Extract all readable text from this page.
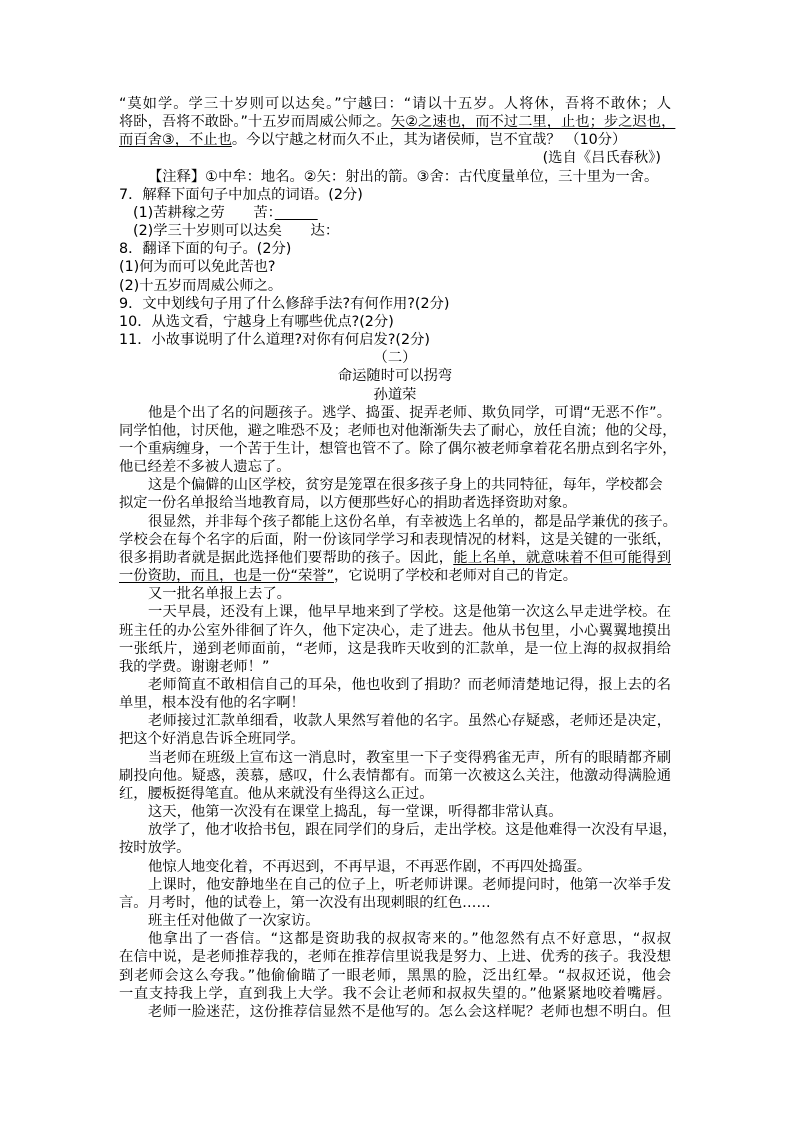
“莫如学。学三十岁则可以达矣。”宁越曰：“请以十五岁。人将休，吾将不敢休；人
将卧，吾将不敢卧。”十五岁而周威公师之。矢②之速也，而不过二里，止也；步之迟也，
而百舍③，不止也。今以宁越之材而久不止，其为诸侯师，岂不宜哉？ （10分）
(选自《吕氏春秋》)
【注释】①中牟：地名。②矢：射出的箭。③舍：古代度量单位，三十里为一舍。
7．解释下面句子中加点的词语。(2分)
(1)苦耕稼之劳　　苦：　　　
(2)学三十岁则可以达矣　　达：
8．翻译下面的句子。(2分)
(1)何为而可以免此苦也?
(2)十五岁而周威公师之。
9．文中划线句子用了什么修辞手法?有何作用?(2分)
10．从选文看，宁越身上有哪些优点?(2分)
11．小故事说明了什么道理?对你有何启发?(2分)
（二）
命运随时可以拐弯
孙道荣
他是个出了名的问题孩子。逃学、捣蛋、捉弄老师、欺负同学，可谓“无恶不作”。
同学怕他，讨厌他，避之唯恐不及；老师也对他渐渐失去了耐心，放任自流；他的父母，
一个重病缠身，一个苦于生计，想管也管不了。除了偶尔被老师拿着花名册点到名字外，
他已经差不多被人遗忘了。
这是个偏僻的山区学校，贫穷是笼罩在很多孩子身上的共同特征，每年，学校都会
拟定一份名单报给当地教育局，以方便那些好心的捐助者选择资助对象。
很显然，并非每个孩子都能上这份名单，有幸被选上名单的，都是品学兼优的孩子。
学校会在每个名字的后面，附一份该同学学习和表现情况的材料，这是关键的一张纸，
很多捐助者就是据此选择他们要帮助的孩子。因此，能上名单，就意味着不但可能得到
一份资助，而且，也是一份“荣誉”，它说明了学校和老师对自己的肯定。
又一批名单报上去了。
一天早晨，还没有上课，他早早地来到了学校。这是他第一次这么早走进学校。在
班主任的办公室外徘徊了许久，他下定决心，走了进去。他从书包里，小心翼翼地摸出
一张纸片，递到老师面前，“老师，这是我昨天收到的汇款单，是一位上海的叔叔捐给
我的学费。谢谢老师！”
老师简直不敢相信自己的耳朵，他也收到了捐助？而老师清楚地记得，报上去的名
单里，根本没有他的名字啊！
老师接过汇款单细看，收款人果然写着他的名字。虽然心存疑惑，老师还是决定，
把这个好消息告诉全班同学。
当老师在班级上宣布这一消息时，教室里一下子变得鸦雀无声，所有的眼睛都齐刷
刷投向他。疑惑，羡慕，感叹，什么表情都有。而第一次被这么关注，他激动得满脸通
红，腰板挺得笔直。他从来就没有坐得这么正过。
这天，他第一次没有在课堂上捣乱，每一堂课，听得都非常认真。
放学了，他才收拾书包，跟在同学们的身后，走出学校。这是他难得一次没有早退，
按时放学。
他惊人地变化着，不再迟到，不再早退，不再恶作剧，不再四处捣蛋。
上课时，他安静地坐在自己的位子上，听老师讲课。老师提问时，他第一次举手发
言。月考时，他的试卷上，第一次没有出现刺眼的红色……
班主任对他做了一次家访。
他拿出了一沓信。“这都是资助我的叔叔寄来的。”他忽然有点不好意思，“叔叔
在信中说，是老师推荐我的，老师在推荐信里说我是努力、上进、优秀的孩子。我没想
到老师会这么夸我。”他偷偷瞄了一眼老师，黑黑的脸，泛出红晕。“叔叔还说，他会
一直支持我上学，直到我上大学。我不会让老师和叔叔失望的。”他紧紧地咬着嘴唇。
老师一脸迷茫，这份推荐信显然不是他写的。怎么会这样呢？老师也想不明白。但
